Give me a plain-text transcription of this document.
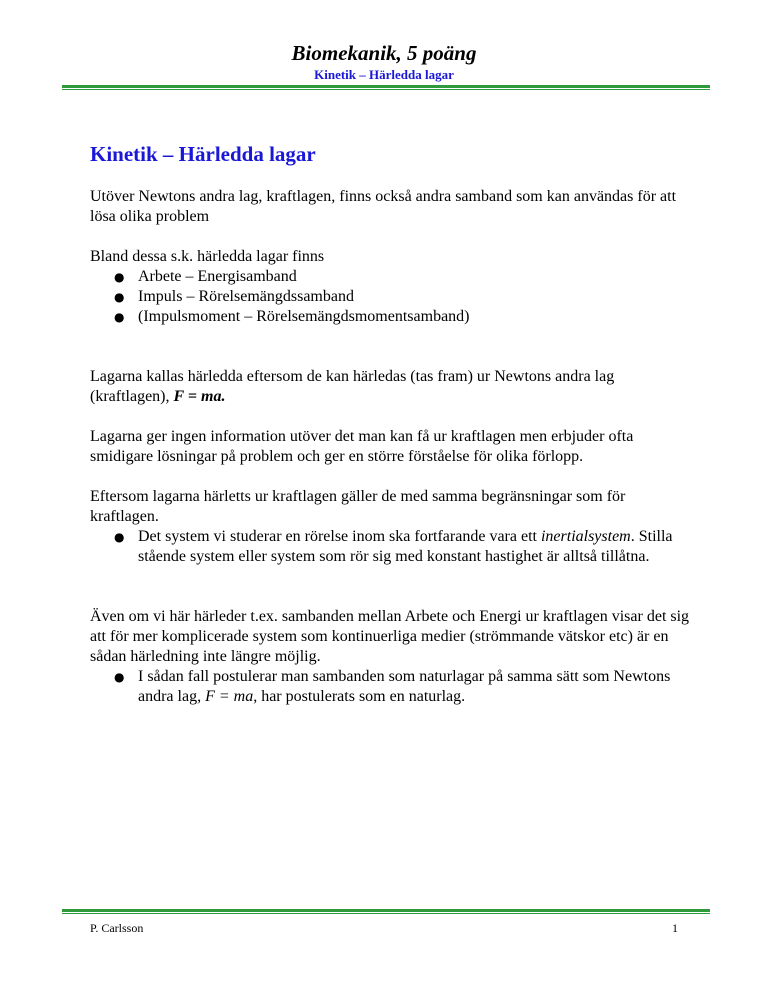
Biomekanik, 5 poäng
Kinetik – Härledda lagar
Kinetik – Härledda lagar

Utöver Newtons andra lag, kraftlagen, finns också andra samband som kan användas för att lösa olika problem

Bland dessa s.k. härledda lagar finns

● Arbete – Energisamband
● Impuls – Rörelsemängdssamband
● (Impulsmoment – Rörelsemängdsmomentsamband)

Lagarna kallas härledda eftersom de kan härledas (tas fram) ur Newtons andra lag (kraftlagen), F = ma.

Lagarna ger ingen information utöver det man kan få ur kraftlagen men erbjuder ofta smidigare lösningar på problem och ger en större förståelse för olika förlopp.

Eftersom lagarna härletts ur kraftlagen gäller de med samma begränsningar som för kraftlagen.

● Det system vi studerar en rörelse inom ska fortfarande vara ett inertialsystem. Stilla stående system eller system som rör sig med konstant hastighet är alltså tillåtna.

Även om vi här härleder t.ex. sambanden mellan Arbete och Energi ur kraftlagen visar det sig att för mer komplicerade system som kontinuerliga medier (strömmande vätskor etc) är en sådan härledning inte längre möjlig.

● I sådan fall postulerar man sambanden som naturlagar på samma sätt som Newtons andra lag, F = ma, har postulerats som en naturlag.
P. Carlsson	1
